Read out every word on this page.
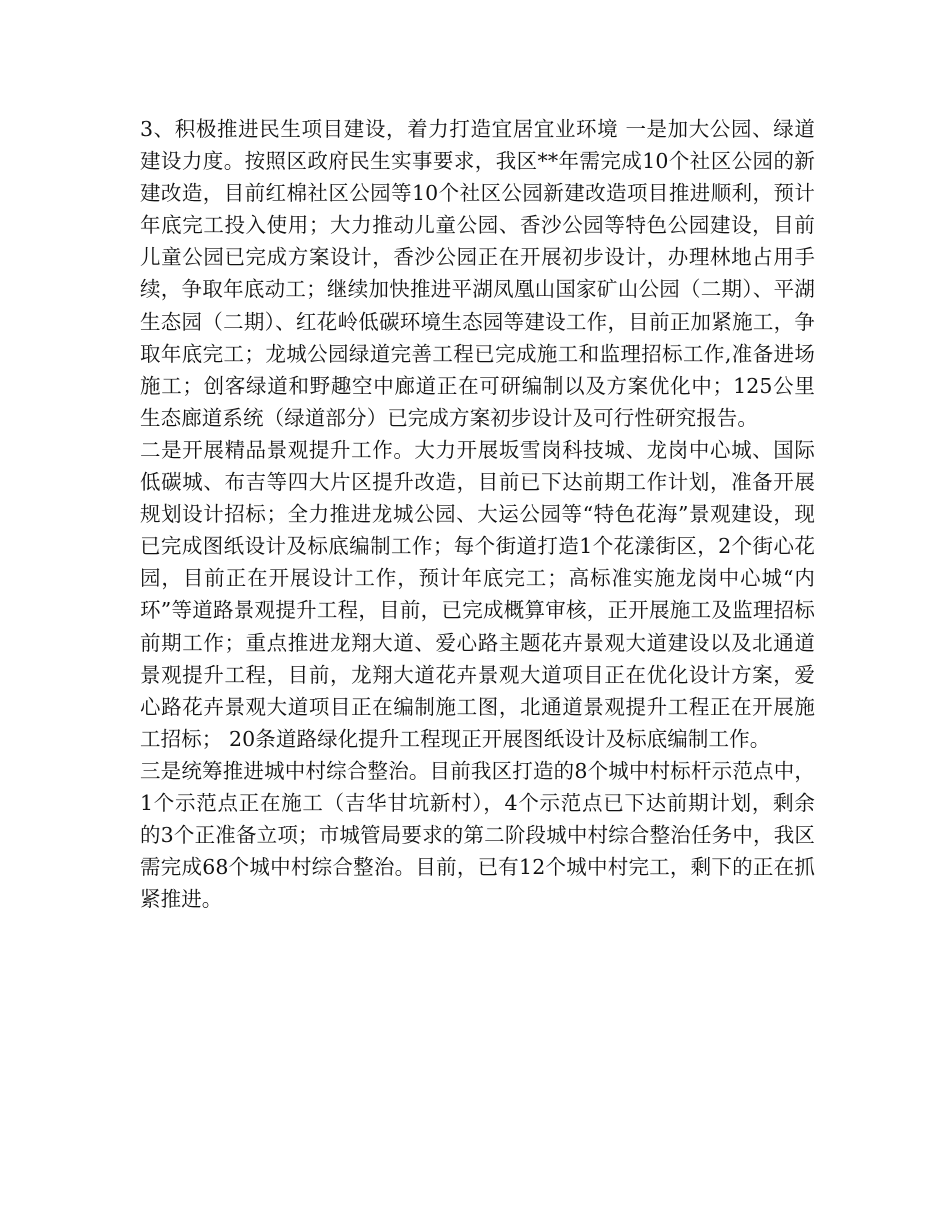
3、积极推进民生项目建设，着力打造宜居宜业环境 一是加大公园、绿道建设力度。按照区政府民生实事要求，我区**年需完成10个社区公园的新建改造，目前红棉社区公园等10个社区公园新建改造项目推进顺利，预计年底完工投入使用；大力推动儿童公园、香沙公园等特色公园建设，目前儿童公园已完成方案设计，香沙公园正在开展初步设计，办理林地占用手续，争取年底动工；继续加快推进平湖凤凰山国家矿山公园（二期）、平湖生态园（二期）、红花岭低碳环境生态园等建设工作，目前正加紧施工，争取年底完工；龙城公园绿道完善工程已完成施工和监理招标工作,准备进场施工；创客绿道和野趣空中廊道正在可研编制以及方案优化中；125公里生态廊道系统（绿道部分）已完成方案初步设计及可行性研究报告。

二是开展精品景观提升工作。大力开展坂雪岗科技城、龙岗中心城、国际低碳城、布吉等四大片区提升改造，目前已下达前期工作计划，准备开展规划设计招标；全力推进龙城公园、大运公园等“特色花海”景观建设，现已完成图纸设计及标底编制工作；每个街道打造1个花漾街区，2个街心花园，目前正在开展设计工作，预计年底完工；高标准实施龙岗中心城“内环”等道路景观提升工程，目前，已完成概算审核，正开展施工及监理招标前期工作；重点推进龙翔大道、爱心路主题花卉景观大道建设以及北通道景观提升工程，目前，龙翔大道花卉景观大道项目正在优化设计方案，爱心路花卉景观大道项目正在编制施工图，北通道景观提升工程正在开展施工招标； 20条道路绿化提升工程现正开展图纸设计及标底编制工作。

三是统筹推进城中村综合整治。目前我区打造的8个城中村标杆示范点中，1个示范点正在施工（吉华甘坑新村），4个示范点已下达前期计划，剩余的3个正准备立项；市城管局要求的第二阶段城中村综合整治任务中，我区需完成68个城中村综合整治。目前，已有12个城中村完工，剩下的正在抓紧推进。
